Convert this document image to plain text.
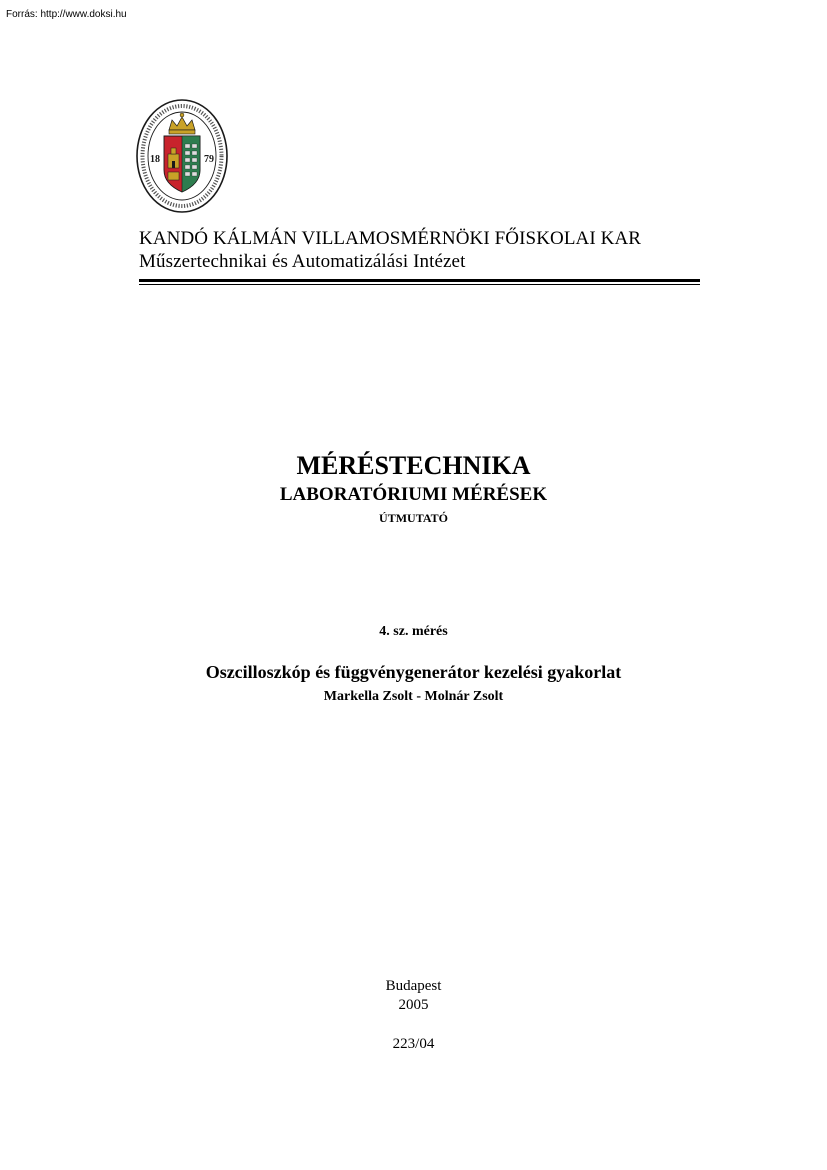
Forrás: http://www.doksi.hu
18	79
KANDÓ KÁLMÁN VILLAMOSMÉRNÖKI FŐISKOLAI KAR
Műszertechnikai és Automatizálási Intézet
MÉRÉSTECHNIKA
LABORATÓRIUMI MÉRÉSEK
ÚTMUTATÓ
4. sz. mérés
Oszcilloszkóp és függvénygenerátor kezelési gyakorlat
Markella Zsolt - Molnár Zsolt
Budapest
2005
223/04
